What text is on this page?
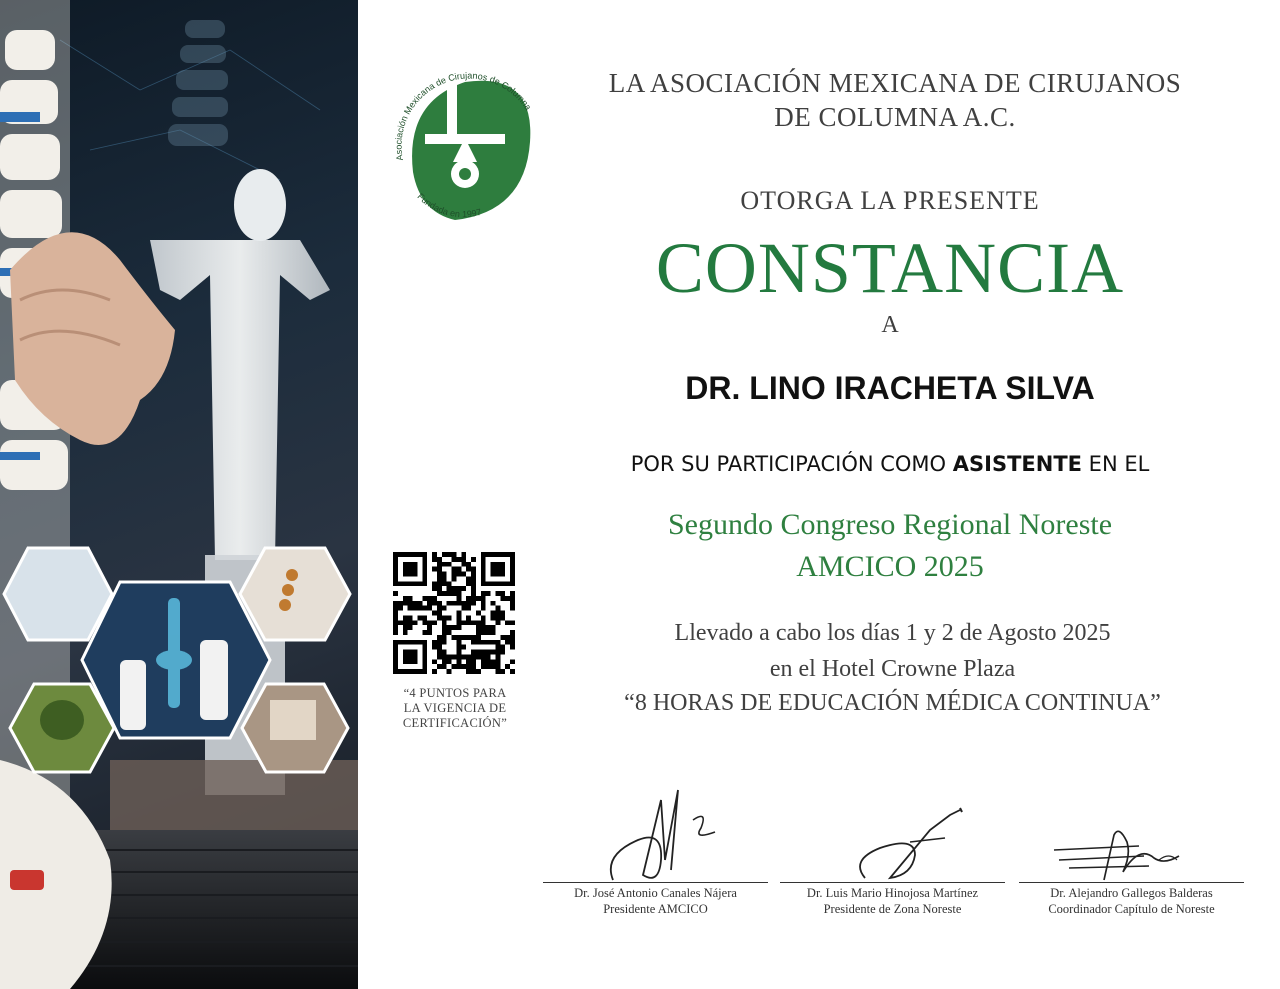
Asociación Mexicana de Cirujanos de Columna
Fundada en 1997
LA ASOCIACIÓN MEXICANA DE CIRUJANOS
DE COLUMNA A.C.
OTORGA LA PRESENTE
CONSTANCIA
A
DR. LINO IRACHETA SILVA
POR SU PARTICIPACIÓN COMO ASISTENTE EN EL
Segundo Congreso Regional Noreste
AMCICO 2025
Llevado a cabo los días 1 y 2 de Agosto 2025
en el Hotel Crowne Plaza
“8 HORAS DE EDUCACIÓN MÉDICA CONTINUA”
“4 PUNTOS PARA
LA VIGENCIA DE
CERTIFICACIÓN”
Dr. José Antonio Canales Nájera
Presidente AMCICO
Dr. Luis Mario Hinojosa Martínez
Presidente de Zona Noreste
Dr. Alejandro Gallegos Balderas
Coordinador Capítulo de Noreste
